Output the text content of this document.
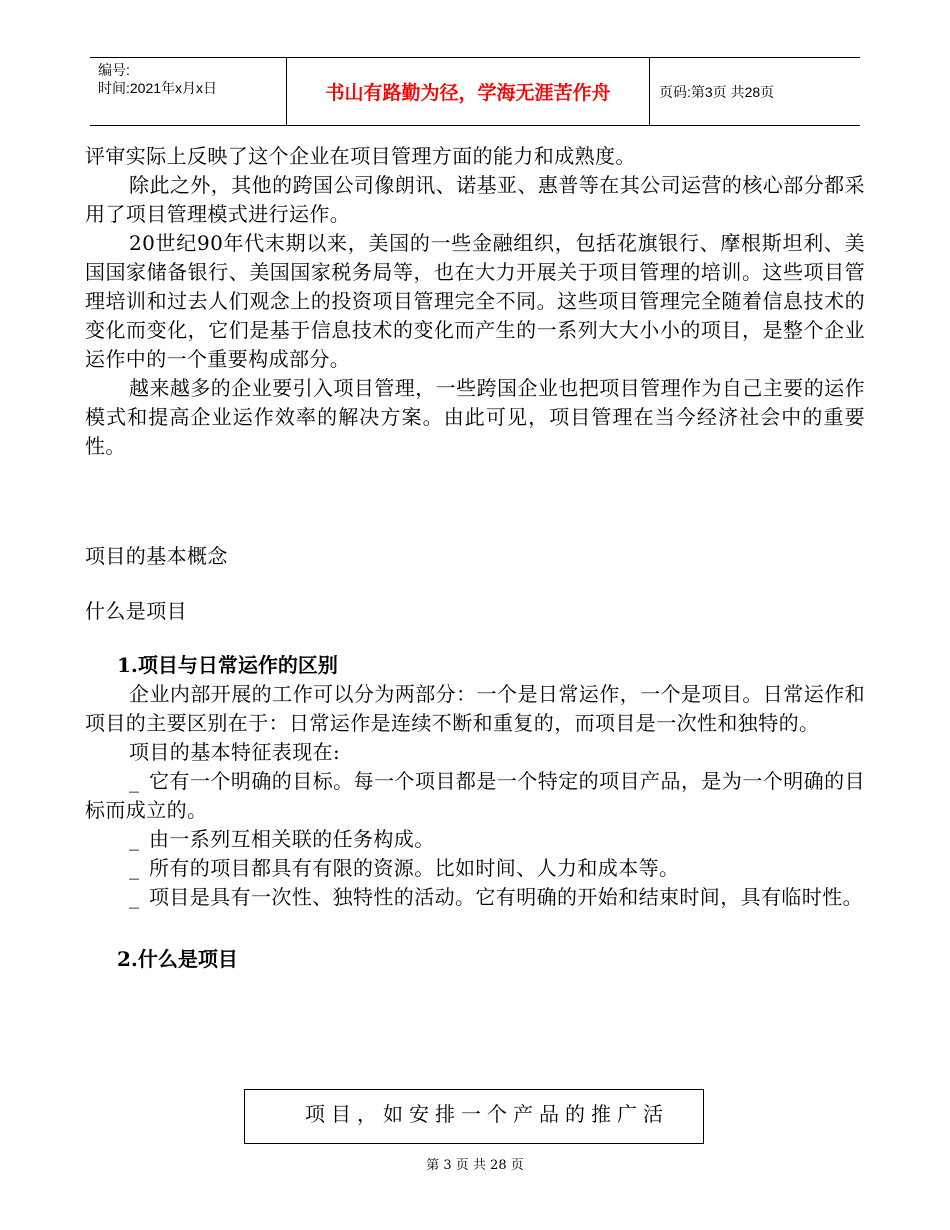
编号:
时间:2021年x月x日	书山有路勤为径，学海无涯苦作舟	页码:第3页 共28页

评审实际上反映了这个企业在项目管理方面的能力和成熟度。

除此之外，其他的跨国公司像朗讯、诺基亚、惠普等在其公司运营的核心部分都采用了项目管理模式进行运作。

20世纪90年代末期以来，美国的一些金融组织，包括花旗银行、摩根斯坦利、美国国家储备银行、美国国家税务局等，也在大力开展关于项目管理的培训。这些项目管理培训和过去人们观念上的投资项目管理完全不同。这些项目管理完全随着信息技术的变化而变化，它们是基于信息技术的变化而产生的一系列大大小小的项目，是整个企业运作中的一个重要构成部分。

越来越多的企业要引入项目管理，一些跨国企业也把项目管理作为自己主要的运作模式和提高企业运作效率的解决方案。由此可见，项目管理在当今经济社会中的重要性。

项目的基本概念

什么是项目

1.项目与日常运作的区别

企业内部开展的工作可以分为两部分：一个是日常运作，一个是项目。日常运作和项目的主要区别在于：日常运作是连续不断和重复的，而项目是一次性和独特的。

项目的基本特征表现在:

_ 它有一个明确的目标。每一个项目都是一个特定的项目产品，是为一个明确的目标而成立的。

_ 由一系列互相关联的任务构成。

_ 所有的项目都具有有限的资源。比如时间、人力和成本等。

_ 项目是具有一次性、独特性的活动。它有明确的开始和结束时间，具有临时性。

2.什么是项目

项目，如安排一个产品的推广活
第 3 页 共 28 页
